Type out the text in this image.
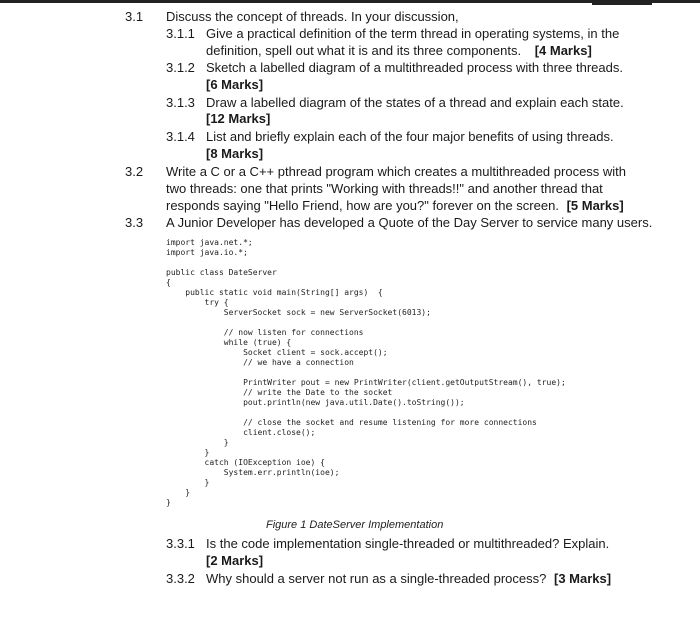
3.1 Discuss the concept of threads. In your discussion,
3.1.1 Give a practical definition of the term thread in operating systems, in the
definition, spell out what it is and its three components. [4 Marks]
3.1.2 Sketch a labelled diagram of a multithreaded process with three threads.
[6 Marks]
3.1.3 Draw a labelled diagram of the states of a thread and explain each state.
[12 Marks]
3.1.4 List and briefly explain each of the four major benefits of using threads.
[8 Marks]
3.2 Write a C or a C++ pthread program which creates a multithreaded process with
two threads: one that prints "Working with threads!!" and another thread that
responds saying "Hello Friend, how are you?" forever on the screen. [5 Marks]
3.3 A Junior Developer has developed a Quote of the Day Server to service many users.
import java.net.*;
import java.io.*;

public class DateServer
{
public static void main(String[] args)  {
try {
ServerSocket sock = new ServerSocket(6013);

// now listen for connections
while (true) {
Socket client = sock.accept();
// we have a connection

PrintWriter pout = new PrintWriter(client.getOutputStream(), true);
// write the Date to the socket
pout.println(new java.util.Date().toString());

// close the socket and resume listening for more connections
client.close();
}
}
catch (IOException ioe) {
System.err.println(ioe);
}
}
}
Figure 1 DateServer Implementation
3.3.1 Is the code implementation single-threaded or multithreaded? Explain.
[2 Marks]
3.3.2 Why should a server not run as a single-threaded process? [3 Marks]
